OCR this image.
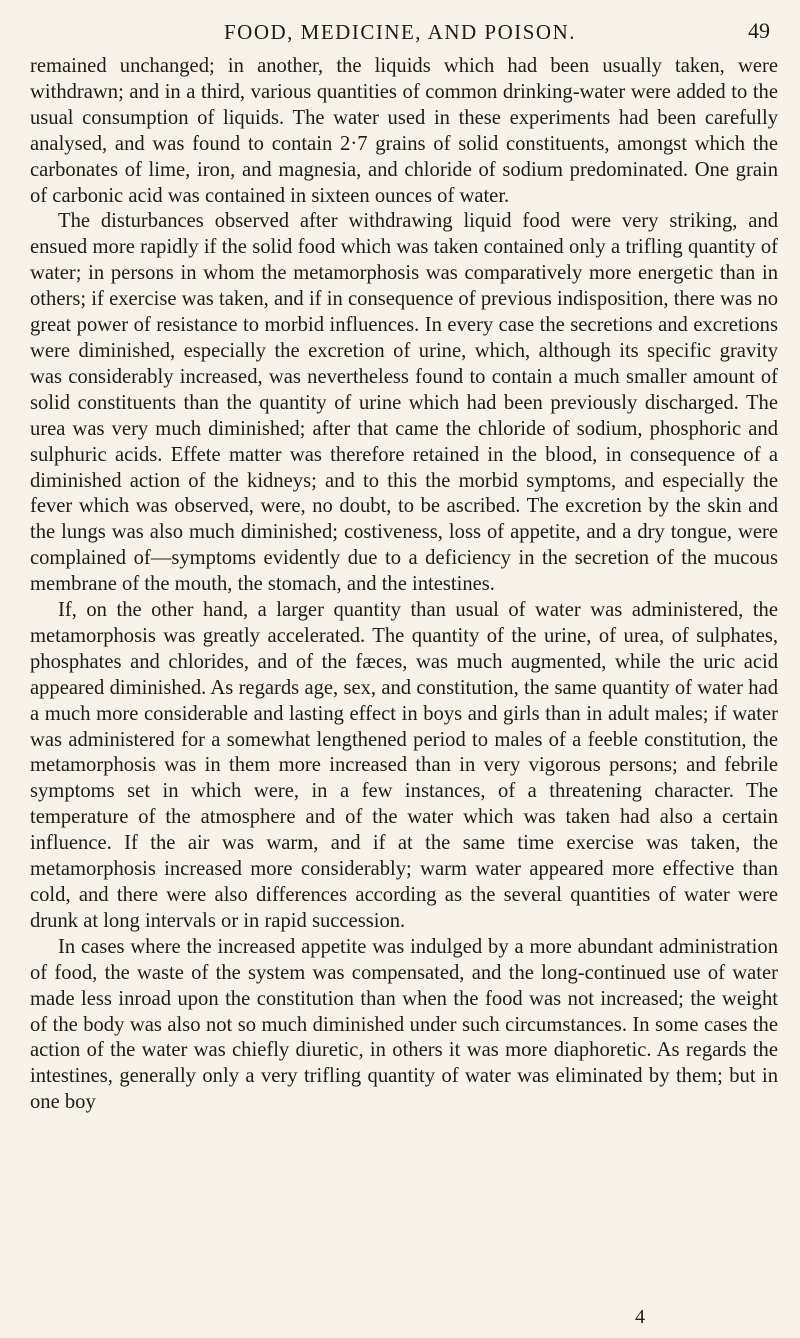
FOOD, MEDICINE, AND POISON.	49

remained unchanged; in another, the liquids which had been usually taken, were withdrawn; and in a third, various quantities of common drinking-water were added to the usual consumption of liquids. The water used in these experiments had been carefully analysed, and was found to contain 2·7 grains of solid constituents, amongst which the carbonates of lime, iron, and magnesia, and chloride of sodium predominated. One grain of carbonic acid was contained in sixteen ounces of water.

The disturbances observed after withdrawing liquid food were very striking, and ensued more rapidly if the solid food which was taken contained only a trifling quantity of water; in persons in whom the metamorphosis was comparatively more energetic than in others; if exercise was taken, and if in consequence of previous indisposition, there was no great power of resistance to morbid influences. In every case the secretions and excretions were diminished, especially the excretion of urine, which, although its specific gravity was considerably increased, was nevertheless found to contain a much smaller amount of solid constituents than the quantity of urine which had been previously discharged. The urea was very much diminished; after that came the chloride of sodium, phosphoric and sulphuric acids. Effete matter was therefore retained in the blood, in consequence of a diminished action of the kidneys; and to this the morbid symptoms, and especially the fever which was observed, were, no doubt, to be ascribed. The excretion by the skin and the lungs was also much diminished; costiveness, loss of appetite, and a dry tongue, were complained of—symptoms evidently due to a deficiency in the secretion of the mucous membrane of the mouth, the stomach, and the intestines.

If, on the other hand, a larger quantity than usual of water was administered, the metamorphosis was greatly accelerated. The quantity of the urine, of urea, of sulphates, phosphates and chlorides, and of the fæces, was much augmented, while the uric acid appeared diminished. As regards age, sex, and constitution, the same quantity of water had a much more considerable and lasting effect in boys and girls than in adult males; if water was administered for a somewhat lengthened period to males of a feeble constitution, the metamorphosis was in them more increased than in very vigorous persons; and febrile symptoms set in which were, in a few instances, of a threatening character. The temperature of the atmosphere and of the water which was taken had also a certain influence. If the air was warm, and if at the same time exercise was taken, the metamorphosis increased more considerably; warm water appeared more effective than cold, and there were also differences according as the several quantities of water were drunk at long intervals or in rapid succession.

In cases where the increased appetite was indulged by a more abundant administration of food, the waste of the system was compensated, and the long-continued use of water made less inroad upon the constitution than when the food was not increased; the weight of the body was also not so much diminished under such circumstances. In some cases the action of the water was chiefly diuretic, in others it was more diaphoretic. As regards the intestines, generally only a very trifling quantity of water was eliminated by them; but in one boy

4
